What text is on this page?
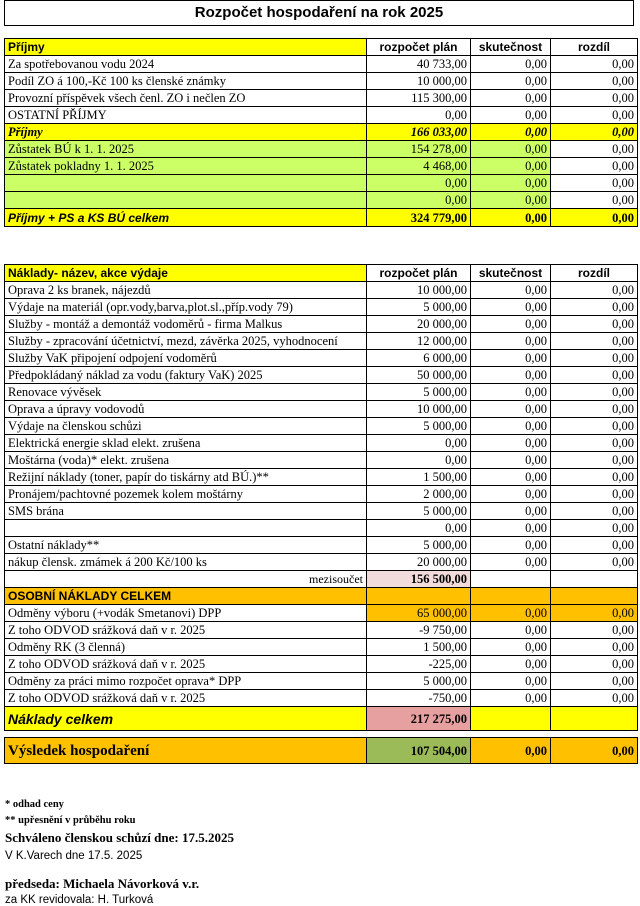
Rozpočet hospodaření na rok 2025
Příjmy	rozpočet plán	skutečnost	rozdíl
Za spotřebovanou vodu 2024	40 733,00	0,00	0,00
Podíl ZO á 100,-Kč 100 ks členské známky	10 000,00	0,00	0,00
Provozní příspěvek všech čenl. ZO i nečlen ZO	115 300,00	0,00	0,00
OSTATNÍ PŘÍJMY	0,00	0,00	0,00
Příjmy	166 033,00	0,00	0,00
Zůstatek BÚ k 1. 1. 2025	154 278,00	0,00	0,00
Zůstatek pokladny 1. 1. 2025	4 468,00	0,00	0,00
	0,00	0,00	0,00
	0,00	0,00	0,00
Příjmy + PS a KS BÚ celkem	324 779,00	0,00	0,00
Náklady- název, akce výdaje	rozpočet plán	skutečnost	rozdíl
Oprava 2 ks branek, nájezdů	10 000,00	0,00	0,00
Výdaje na materiál (opr.vody,barva,plot.sl.,příp.vody 79)	5 000,00	0,00	0,00
Služby - montáž a demontáž vodoměrů - firma Malkus	20 000,00	0,00	0,00
Služby - zpracování účetnictví, mezd, závěrka 2025, vyhodnocení	12 000,00	0,00	0,00
Služby VaK připojení odpojení vodoměrů	6 000,00	0,00	0,00
Předpokládaný náklad za vodu (faktury VaK) 2025	50 000,00	0,00	0,00
Renovace vývěsek	5 000,00	0,00	0,00
Oprava a úpravy vodovodů	10 000,00	0,00	0,00
Výdaje na členskou schůzi	5 000,00	0,00	0,00
Elektrická energie sklad elekt. zrušena	0,00	0,00	0,00
Moštárna (voda)* elekt. zrušena	0,00	0,00	0,00
Režijní náklady (toner, papír do tiskárny atd BÚ.)**	1 500,00	0,00	0,00
Pronájem/pachtovné pozemek kolem moštárny	2 000,00	0,00	0,00
SMS brána	5 000,00	0,00	0,00
	0,00	0,00	0,00
Ostatní náklady**	5 000,00	0,00	0,00
nákup člensk. zmámek á 200 Kč/100 ks	20 000,00	0,00	0,00
mezisoučet	156 500,00		
OSOBNÍ NÁKLADY CELKEM			
Odměny výboru (+vodák Smetanovi) DPP	65 000,00	0,00	0,00
Z toho ODVOD srážková daň v r. 2025	-9 750,00	0,00	0,00
Odměny RK (3 členná)	1 500,00	0,00	0,00
Z toho ODVOD srážková daň v r. 2025	-225,00	0,00	0,00
Odměny za práci mimo rozpočet oprava* DPP	5 000,00	0,00	0,00
Z toho ODVOD srážková daň v r. 2025	-750,00	0,00	0,00
Náklady celkem	217 275,00		

Výsledek hospodaření	107 504,00	0,00	0,00
* odhad ceny
** upřesnění v průběhu roku
Schváleno členskou schůzí dne: 17.5.2025
V K.Varech dne 17.5. 2025
předseda: Michaela Návorková v.r.
za KK revidovala: H. Turková
